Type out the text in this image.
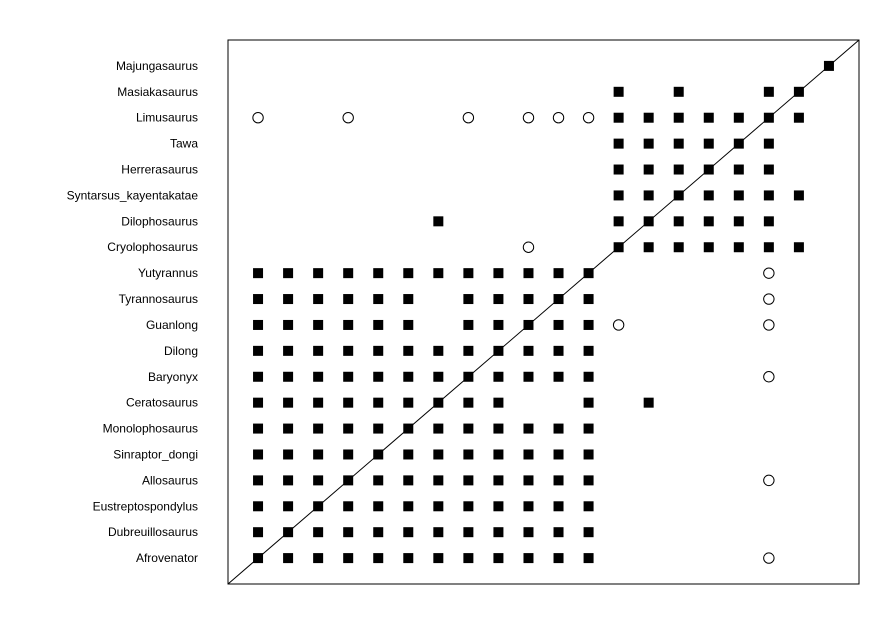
Afrovenator
Dubreuillosaurus
Eustreptospondylus
Allosaurus
Sinraptor_dongi
Monolophosaurus
Ceratosaurus
Baryonyx
Dilong
Guanlong
Tyrannosaurus
Yutyrannus
Cryolophosaurus
Dilophosaurus
Syntarsus_kayentakatae
Herrerasaurus
Tawa
Limusaurus
Masiakasaurus
Majungasaurus
